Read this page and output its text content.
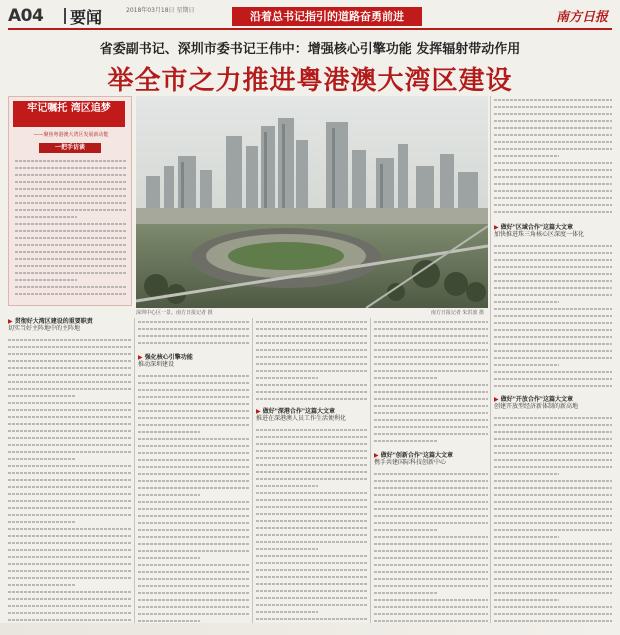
A04 要闻	2018年03月18日 星期日	沿着总书记指引的道路奋勇前进	南方日报
省委副书记、深圳市委书记王伟中：增强核心引擎功能 发挥辐射带动作用
举全市之力推进粤港澳大湾区建设
牢记嘱托 湾区追梦
——聚焦粤港澳大湾区发展新动能
一把手访谈
深圳中心区一景。南方日报记者 摄	南方日报记者 朱洪波 摄
▶ 做好"区域合作"这篇大文章
加快推进珠三角核心区深度一体化
▶ 做好"开放合作"这篇大文章
创建开放型经济新体制的新高地
▶ 贯彻好大湾区建设的重要职责
切实当好主阵地中的主阵地
▶ 强化核心引擎功能
推动深圳建设
▶ 做好"深港合作"这篇大文章
推进在深港澳人员工作生活便利化
▶ 做好"创新合作"这篇大文章
携手共建国际科技创新中心
